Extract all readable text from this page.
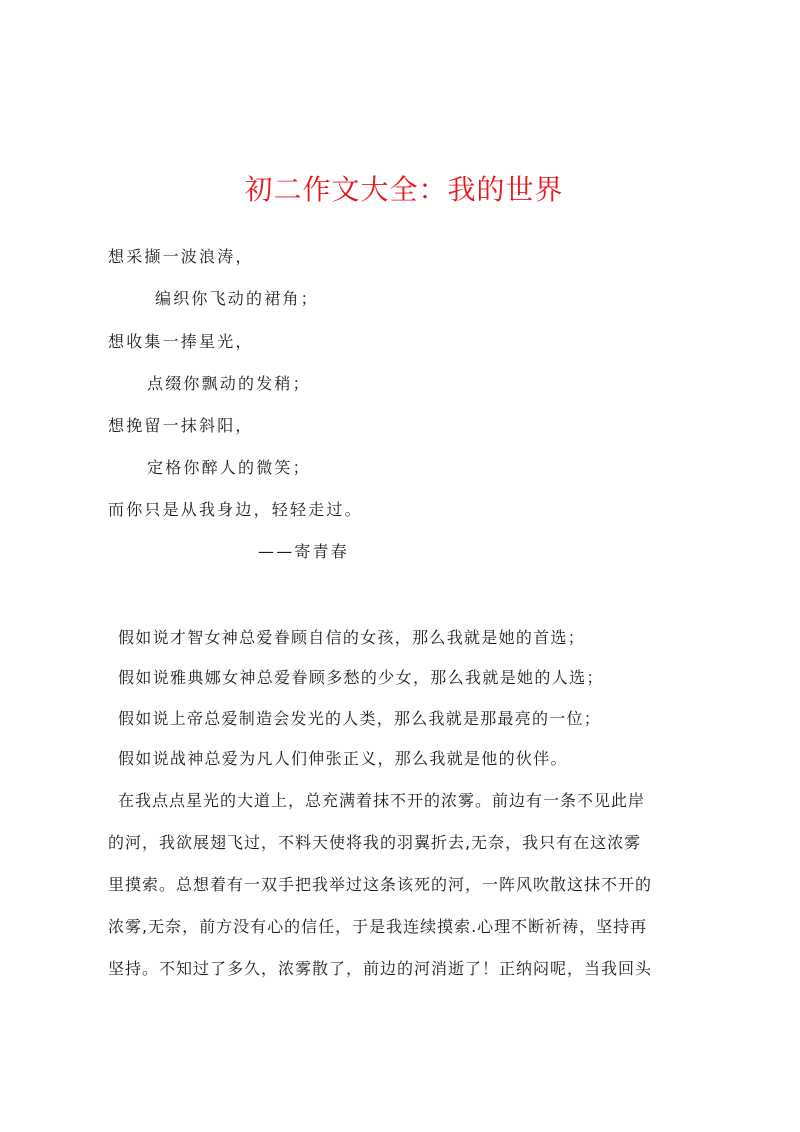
初二作文大全：我的世界
想采撷一波浪涛，
编织你飞动的裙角；
想收集一捧星光，
点缀你飘动的发稍；
想挽留一抹斜阳，
定格你醉人的微笑；
而你只是从我身边，轻轻走过。
——寄青春
假如说才智女神总爱眷顾自信的女孩，那么我就是她的首选；
假如说雅典娜女神总爱眷顾多愁的少女，那么我就是她的人选；
假如说上帝总爱制造会发光的人类，那么我就是那最亮的一位；
假如说战神总爱为凡人们伸张正义，那么我就是他的伙伴。
在我点点星光的大道上，总充满着抹不开的浓雾。前边有一条不见此岸
的河，我欲展翅飞过，不料天使将我的羽翼折去,无奈，我只有在这浓雾
里摸索。总想着有一双手把我举过这条该死的河，一阵风吹散这抹不开的
浓雾,无奈，前方没有心的信任，于是我连续摸索.心理不断祈祷，坚持再
坚持。不知过了多久，浓雾散了，前边的河消逝了！正纳闷呢，当我回头
